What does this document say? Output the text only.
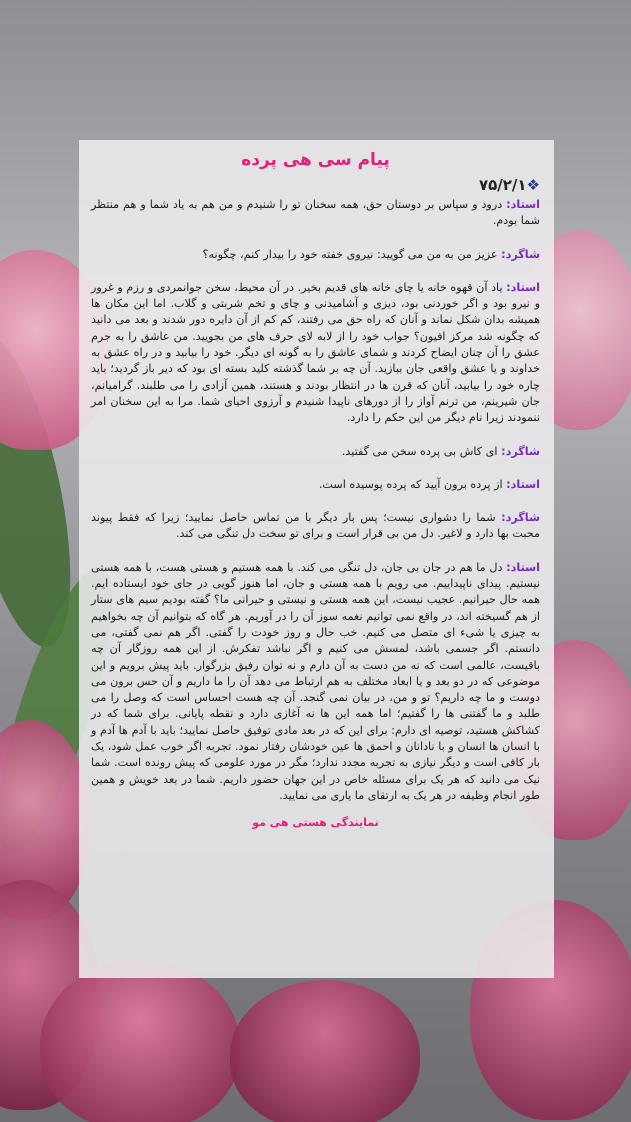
پیام سی هی پرده
❖۷۵/۲/۱

استاد: درود و سپاس بر دوستان حق، همه سخنان تو را شنیدم و من هم به یاد شما و هم منتظر شما بودم.

شاگرد: عزیز من به من می گویید: نیروی خفته خود را بیدار کنم، چگونه؟

استاد: یاد آن قهوه خانه یا چای خانه های قدیم بخیر. در آن محیط، سخن جوانمردی و رزم و غرور و نیرو بود و اگر خوردنی بود، دیزی و آشامیدنی و چای و تخم شربتی و گلاب. اما این مکان ها همیشه بدان شکل نماند و آنان که راه حق می رفتند، کم کم از آن دایره دور شدند و بعد می دانید که چگونه شد مرکز افیون؟ جواب خود را از لابه لای حرف های من بجویید. من عاشق را به جرم عشق را آن چنان ایضاح کردند و شمای عاشق را به گونه ای دیگر. خود را بیابید و در راه عشق به خداوند و یا عشق واقعی جان ببازید. آن چه بر شما گذشته کلید بسته ای بود که دیر باز گردید؛ باید چاره خود را بیابید، آنان که قرن ها در انتظار بودند و هستند، همین آزادی را می طلبند. گرامیانم، جان شیرینم، من ترنم آواز را از دورهای ناپیدا شنیدم و آرزوی احیای شما. مرا به این سخنان امر ننمودند زیرا نام دیگر من این حکم را دارد.

شاگرد: ای کاش بی پرده سخن می گفتید.

استاد: از پرده برون آیید که پرده پوسیده است.

شاگرد: شما را دشواری نیست؛ پس بار دیگر با من تماس حاصل نمایید؛ زیرا که فقط پیوند محبت بها دارد و لاغیر. دل من بی قرار است و برای تو سخت دل تنگی می کند.

استاد: دل ما هم در جان بی جان، دل تنگی می کند. با همه هستیم و هستی هست، با همه هستی نیستیم. پیدای ناپیداییم. می رویم با همه هستی و جان، اما هنوز گویی در جای خود ایستاده ایم. همه حال حیرانیم. عجیب نیست، این همه هستی و نیستی و حیرانی ما؟ گفته بودیم سیم های ستار از هم گسیخته اند، در واقع نمی توانیم نغمه سوز آن را در آوریم. هر گاه که بتوانیم آن چه بخواهیم به چیزی یا شیء ای متصل می کنیم. خب حال و روز خودت را گفتی. اگر هم نمی گفتی، می دانستم. اگر جسمی باشد، لمسش می کنیم و اگر نباشد تفکرش. از این همه روزگار آن چه باقیست، عالمی است که نه من دست به آن دارم و نه توان رفیق بزرگوار. باید پیش برویم و این موضوعی که در دو بعد و یا ابعاد مختلف به هم ارتباط می دهد آن را ما داریم و آن حس برون می دوست و ما چه داریم؟ تو و من، در بیان نمی گنجد. آن چه هست احساس است که وصل را می طلبد و ما گفتنی ها را گفتیم؛ اما همه این ها نه آغازی دارد و نقطه پایانی. برای شما که در کشاکش هستید، توصیه ای دارم: برای این که در بعد مادی توفیق حاصل نمایید؛ باید با آدم ها آدم و با انسان ها انسان و با نادانان و احمق ها عین خودشان رفتار نمود. تجربه اگر خوب عمل شود، یک بار کافی است و دیگر نیازی به تجربه مجدد ندارد؛ مگر در مورد علومی که پیش رونده است. شما نیک می دانید که هر یک برای مسئله خاص در این جهان حضور داریم. شما در بعد خویش و همین طور انجام وظیفه در هر یک به ارتقای ما یاری می نمایید.

نمایندگی هستی هی مو
